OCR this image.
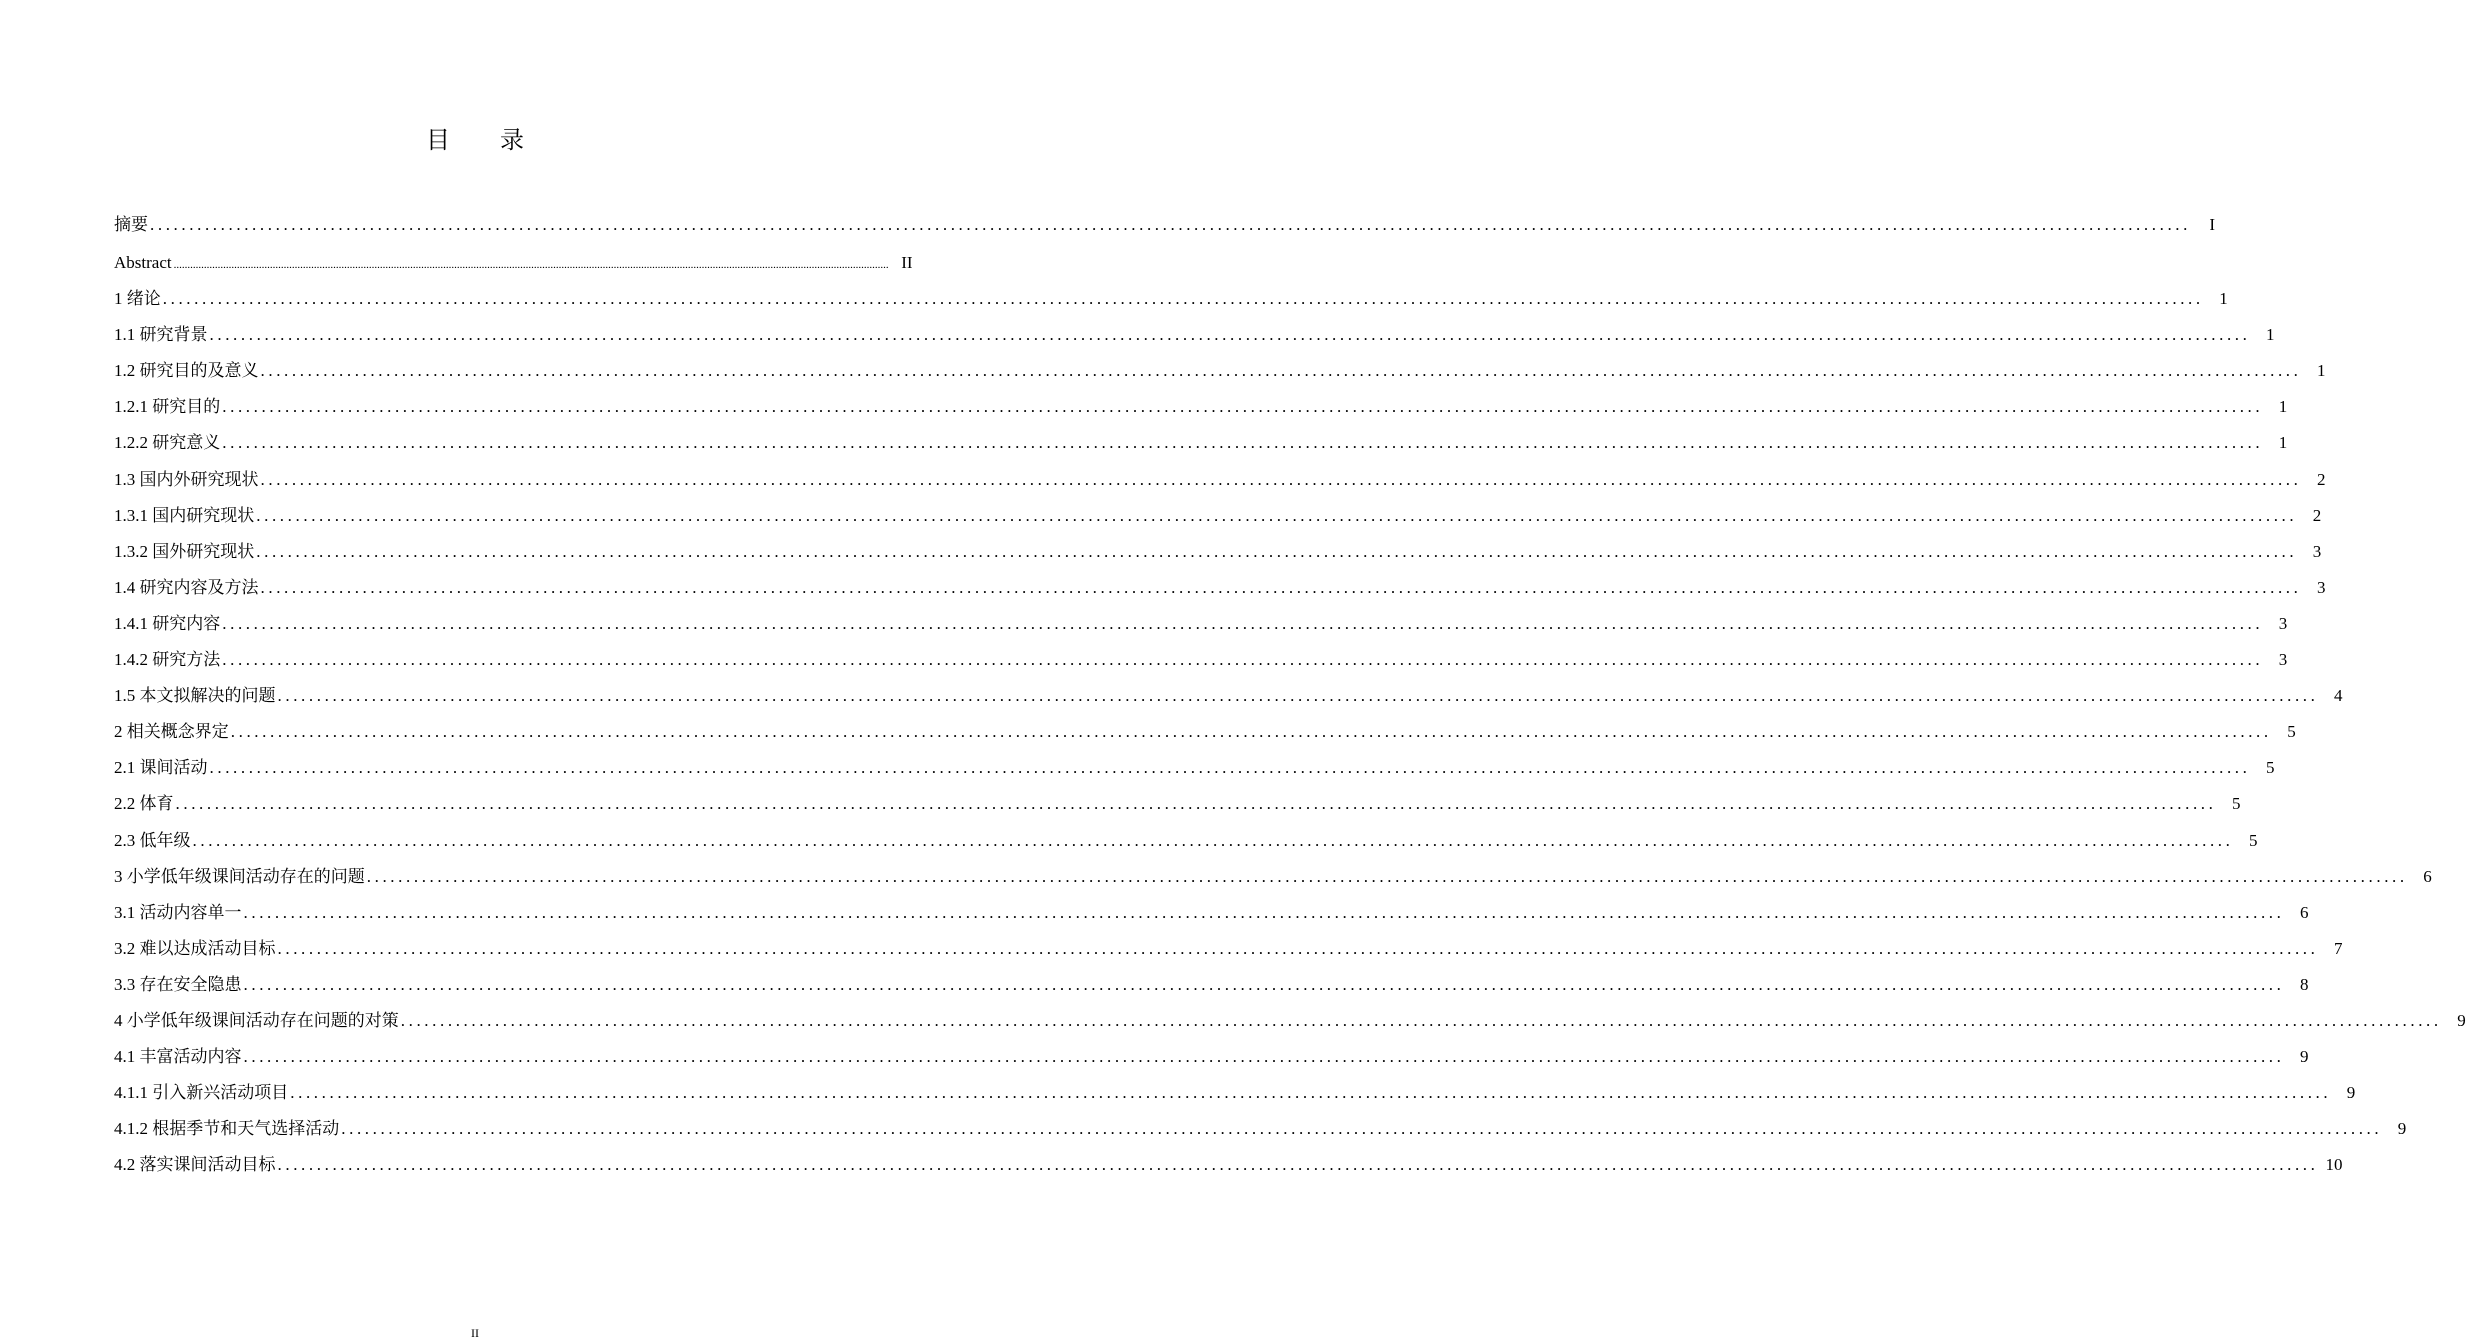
目 录
摘要 ....................................................................................................................................................................................................................................................................	I
Abstract .................................................................................................................................................................................................................................................................... II
1 绪论 .................................................................................................................................................................................................................................................................... 1
1.1 研究背景 .................................................................................................................................................................................................................................................................... 1
1.2 研究目的及意义 .................................................................................................................................................................................................................................................................... 1
1.2.1 研究目的 .................................................................................................................................................................................................................................................................... 1
1.2.2 研究意义 .................................................................................................................................................................................................................................................................... 1
1.3 国内外研究现状 .................................................................................................................................................................................................................................................................... 2
1.3.1 国内研究现状 .................................................................................................................................................................................................................................................................... 2
1.3.2 国外研究现状 .................................................................................................................................................................................................................................................................... 3
1.4 研究内容及方法 .................................................................................................................................................................................................................................................................... 3
1.4.1 研究内容 .................................................................................................................................................................................................................................................................... 3
1.4.2 研究方法 .................................................................................................................................................................................................................................................................... 3
1.5 本文拟解决的问题 .................................................................................................................................................................................................................................................................... 4
2 相关概念界定 .................................................................................................................................................................................................................................................................... 5
2.1 课间活动 .................................................................................................................................................................................................................................................................... 5
2.2 体育 .................................................................................................................................................................................................................................................................... 5
2.3 低年级 .................................................................................................................................................................................................................................................................... 5
3 小学低年级课间活动存在的问题 .................................................................................................................................................................................................................................................................... 6
3.1 活动内容单一 .................................................................................................................................................................................................................................................................... 6
3.2 难以达成活动目标 .................................................................................................................................................................................................................................................................... 7
3.3 存在安全隐患 .................................................................................................................................................................................................................................................................... 8
4 小学低年级课间活动存在问题的对策 .................................................................................................................................................................................................................................................................... 9
4.1 丰富活动内容 .................................................................................................................................................................................................................................................................... 9
4.1.1 引入新兴活动项目 .................................................................................................................................................................................................................................................................... 9
4.1.2 根据季节和天气选择活动 .................................................................................................................................................................................................................................................................... 9
4.2 落实课间活动目标 .................................................................................................................................................................................................................................................................... 10
II
